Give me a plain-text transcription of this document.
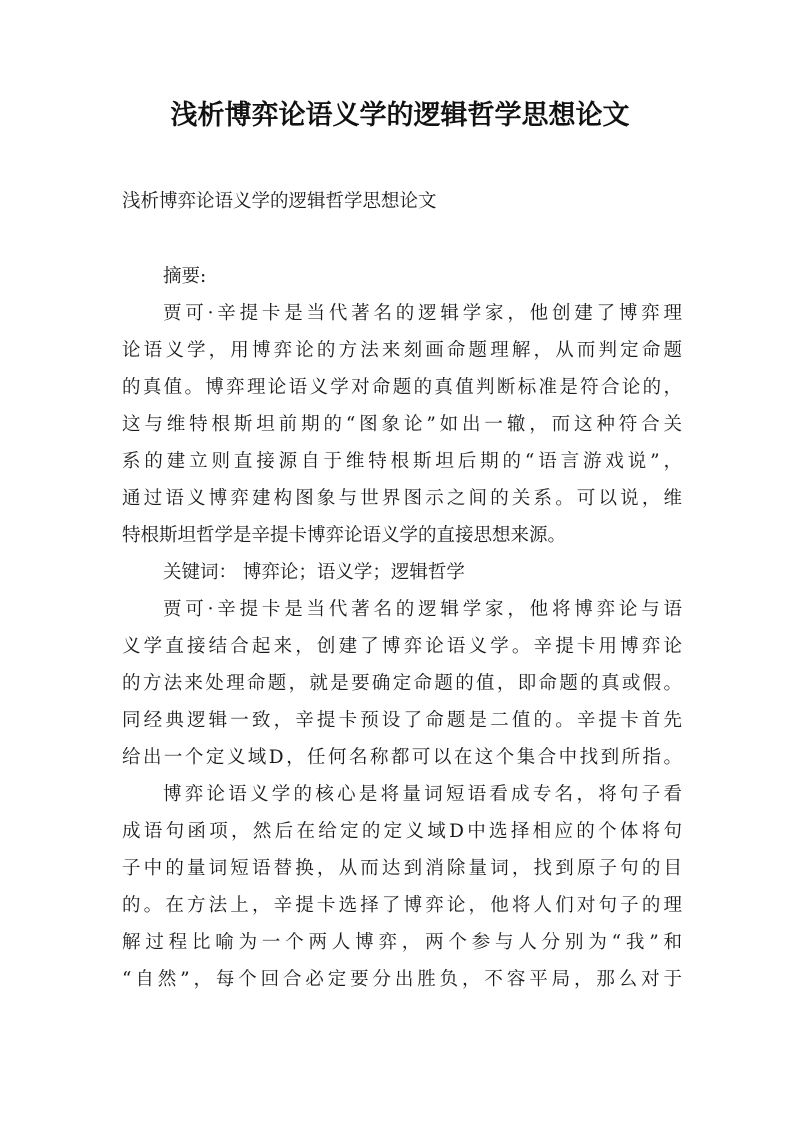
浅析博弈论语义学的逻辑哲学思想论文

浅析博弈论语义学的逻辑哲学思想论文

摘要:

贾可·辛提卡是当代著名的逻辑学家，他创建了博弈理

论语义学，用博弈论的方法来刻画命题理解，从而判定命题

的真值。博弈理论语义学对命题的真值判断标准是符合论的，

这与维特根斯坦前期的“图象论”如出一辙，而这种符合关

系的建立则直接源自于维特根斯坦后期的“语言游戏说”，

通过语义博弈建构图象与世界图示之间的关系。可以说，维

特根斯坦哲学是辛提卡博弈论语义学的直接思想来源。

关键词： 博弈论；语义学；逻辑哲学

贾可·辛提卡是当代著名的逻辑学家，他将博弈论与语

义学直接结合起来，创建了博弈论语义学。辛提卡用博弈论

的方法来处理命题，就是要确定命题的值，即命题的真或假。

同经典逻辑一致，辛提卡预设了命题是二值的。辛提卡首先

给出一个定义域D，任何名称都可以在这个集合中找到所指。

博弈论语义学的核心是将量词短语看成专名，将句子看

成语句函项，然后在给定的定义域D中选择相应的个体将句

子中的量词短语替换，从而达到消除量词，找到原子句的目

的。在方法上，辛提卡选择了博弈论，他将人们对句子的理

解过程比喻为一个两人博弈，两个参与人分别为“我”和

“自然”，每个回合必定要分出胜负，不容平局，那么对于
